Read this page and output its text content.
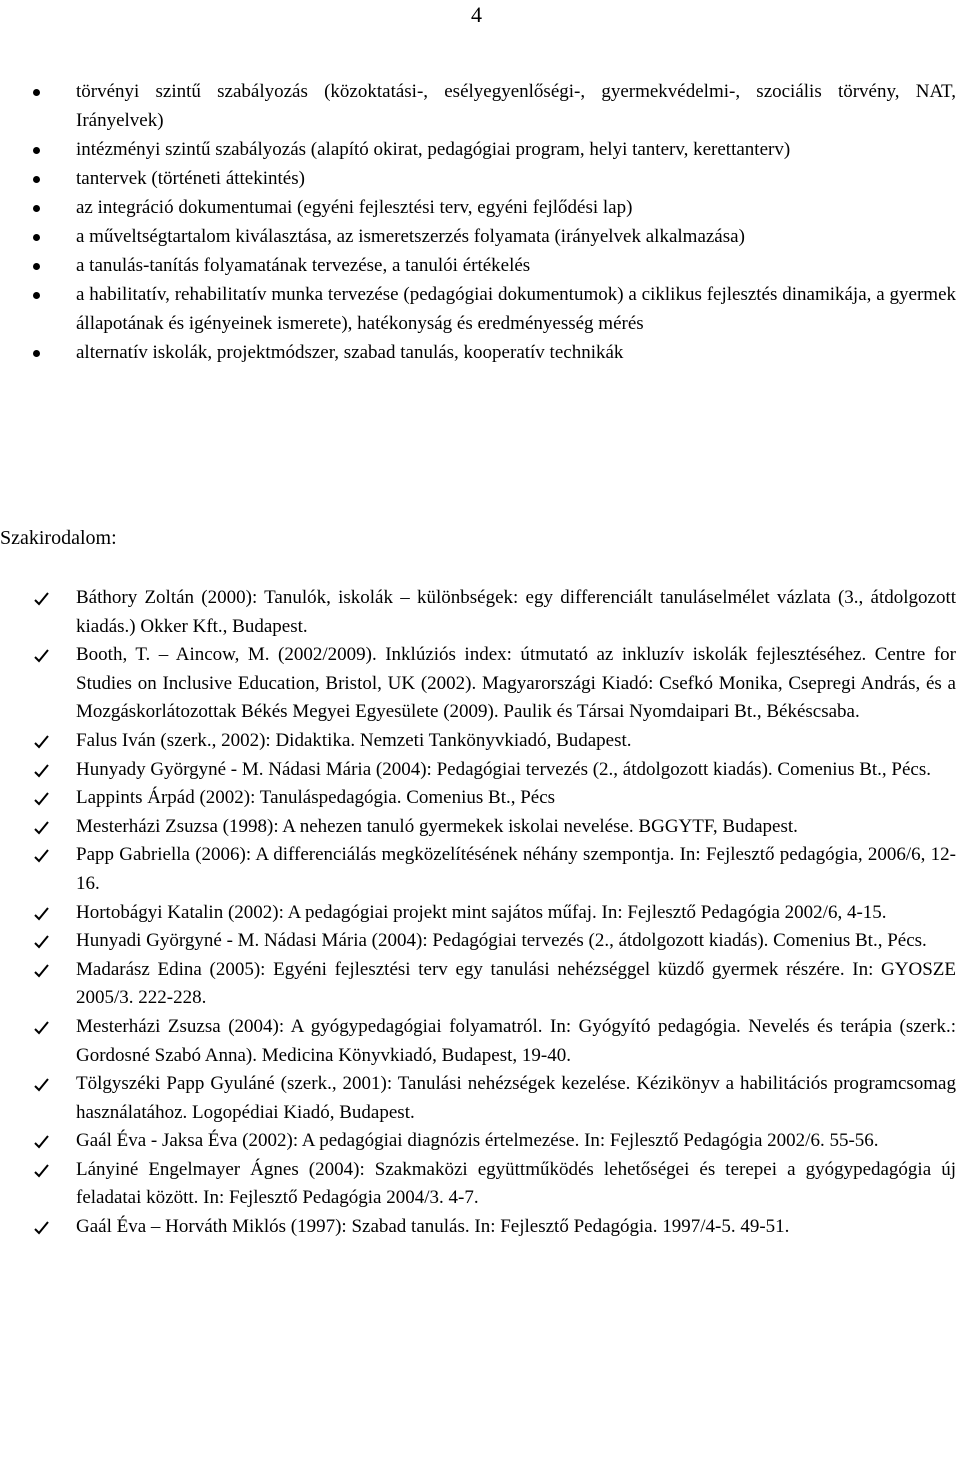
4
törvényi szintű szabályozás (közoktatási-, esélyegyenlőségi-, gyermekvédelmi-, szociális törvény, NAT, Irányelvek)
intézményi szintű szabályozás (alapító okirat, pedagógiai program, helyi tanterv, kerettanterv)
tantervek (történeti áttekintés)
az integráció dokumentumai (egyéni fejlesztési terv, egyéni fejlődési lap)
a műveltségtartalom kiválasztása, az ismeretszerzés folyamata (irányelvek alkalmazása)
a tanulás-tanítás folyamatának tervezése, a tanulói értékelés
a habilitatív, rehabilitatív munka tervezése (pedagógiai dokumentumok) a ciklikus fejlesztés dinamikája, a gyermek állapotának és igényeinek ismerete), hatékonyság és eredményesség mérés
alternatív iskolák, projektmódszer, szabad tanulás, kooperatív technikák
Szakirodalom:
Báthory Zoltán (2000): Tanulók, iskolák – különbségek: egy differenciált tanuláselmélet vázlata (3., átdolgozott kiadás.) Okker Kft., Budapest.
Booth, T. – Aincow, M. (2002/2009). Inklúziós index: útmutató az inkluzív iskolák fejlesztéséhez. Centre for Studies on Inclusive Education, Bristol, UK (2002). Magyarországi Kiadó: Csefkó Monika, Csepregi András, és a Mozgáskorlátozottak Békés Megyei Egyesülete (2009). Paulik és Társai Nyomdaipari Bt., Békéscsaba.
Falus Iván (szerk., 2002): Didaktika. Nemzeti Tankönyvkiadó, Budapest.
Hunyady Györgyné - M. Nádasi Mária (2004): Pedagógiai tervezés (2., átdolgozott kiadás). Comenius Bt., Pécs.
Lappints Árpád (2002): Tanuláspedagógia. Comenius Bt., Pécs
Mesterházi Zsuzsa (1998): A nehezen tanuló gyermekek iskolai nevelése. BGGYTF, Budapest.
Papp Gabriella (2006): A differenciálás megközelítésének néhány szempontja. In: Fejlesztő pedagógia, 2006/6, 12-16.
Hortobágyi Katalin (2002): A pedagógiai projekt mint sajátos műfaj. In: Fejlesztő Pedagógia 2002/6, 4-15.
Hunyadi Györgyné - M. Nádasi Mária (2004): Pedagógiai tervezés (2., átdolgozott kiadás). Comenius Bt., Pécs.
Madarász Edina (2005): Egyéni fejlesztési terv egy tanulási nehézséggel küzdő gyermek részére. In: GYOSZE 2005/3. 222-228.
Mesterházi Zsuzsa (2004): A gyógypedagógiai folyamatról. In: Gyógyító pedagógia. Nevelés és terápia (szerk.: Gordosné Szabó Anna). Medicina Könyvkiadó, Budapest, 19-40.
Tölgyszéki Papp Gyuláné (szerk., 2001): Tanulási nehézségek kezelése. Kézikönyv a habilitációs programcsomag használatához. Logopédiai Kiadó, Budapest.
Gaál Éva - Jaksa Éva (2002): A pedagógiai diagnózis értelmezése. In: Fejlesztő Pedagógia 2002/6. 55-56.
Lányiné Engelmayer Ágnes (2004): Szakmaközi együttműködés lehetőségei és terepei a gyógypedagógia új feladatai között. In: Fejlesztő Pedagógia 2004/3. 4-7.
Gaál Éva – Horváth Miklós (1997): Szabad tanulás. In: Fejlesztő Pedagógia. 1997/4-5. 49-51.
